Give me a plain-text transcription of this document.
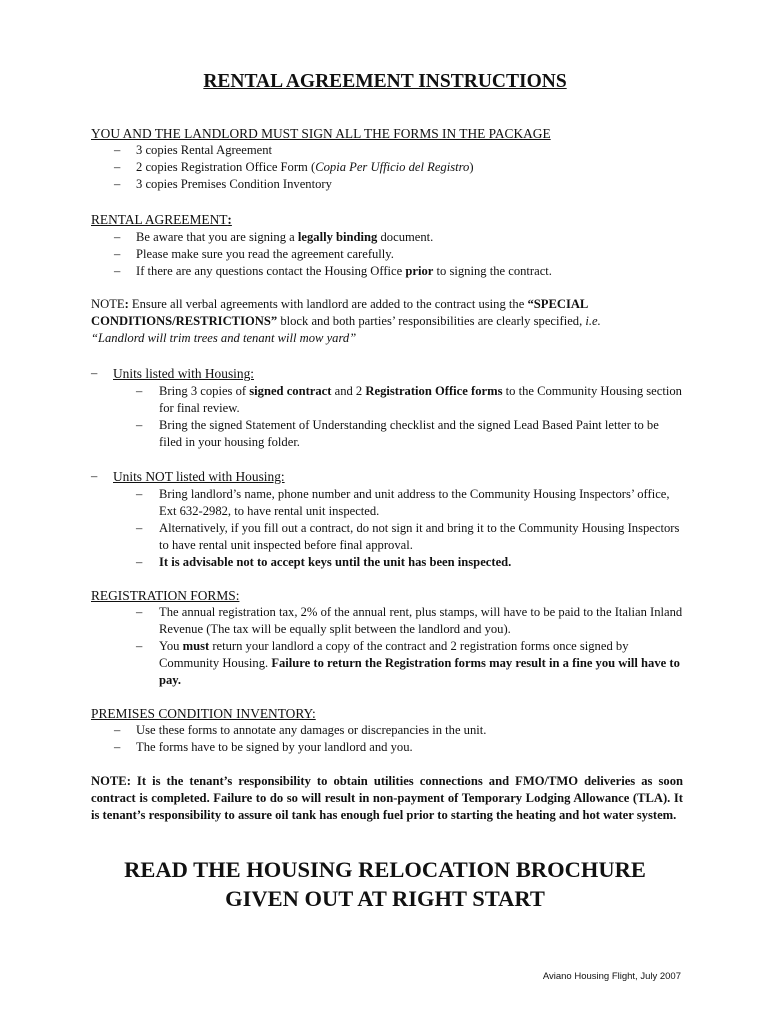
RENTAL AGREEMENT INSTRUCTIONS
YOU AND THE LANDLORD MUST SIGN ALL THE FORMS IN THE PACKAGE
– 3 copies Rental Agreement
– 2 copies Registration Office Form (Copia Per Ufficio del Registro)
– 3 copies Premises Condition Inventory
RENTAL AGREEMENT:
– Be aware that you are signing a legally binding document.
– Please make sure you read the agreement carefully.
– If there are any questions contact the Housing Office prior to signing the contract.
NOTE: Ensure all verbal agreements with landlord are added to the contract using the “SPECIAL CONDITIONS/RESTRICTIONS” block and both parties’ responsibilities are clearly specified, i.e.
“Landlord will trim trees and tenant will mow yard”
– Units listed with Housing:
– Bring 3 copies of signed contract and 2 Registration Office forms to the Community Housing section for final review.
– Bring the signed Statement of Understanding checklist and the signed Lead Based Paint letter to be filed in your housing folder.
– Units NOT listed with Housing:
– Bring landlord’s name, phone number and unit address to the Community Housing Inspectors’ office, Ext 632-2982, to have rental unit inspected.
– Alternatively, if you fill out a contract, do not sign it and bring it to the Community Housing Inspectors to have rental unit inspected before final approval.
– It is advisable not to accept keys until the unit has been inspected.
REGISTRATION FORMS:
– The annual registration tax, 2% of the annual rent, plus stamps, will have to be paid to the Italian Inland Revenue (The tax will be equally split between the landlord and you).
– You must return your landlord a copy of the contract and 2 registration forms once signed by Community Housing. Failure to return the Registration forms may result in a fine you will have to pay.
PREMISES CONDITION INVENTORY:
– Use these forms to annotate any damages or discrepancies in the unit.
– The forms have to be signed by your landlord and you.
NOTE: It is the tenant’s responsibility to obtain utilities connections and FMO/TMO deliveries as soon contract is completed. Failure to do so will result in non-payment of Temporary Lodging Allowance (TLA). It is tenant’s responsibility to assure oil tank has enough fuel prior to starting the heating and hot water system.
READ THE HOUSING RELOCATION BROCHURE
GIVEN OUT AT RIGHT START
Aviano Housing Flight, July 2007
